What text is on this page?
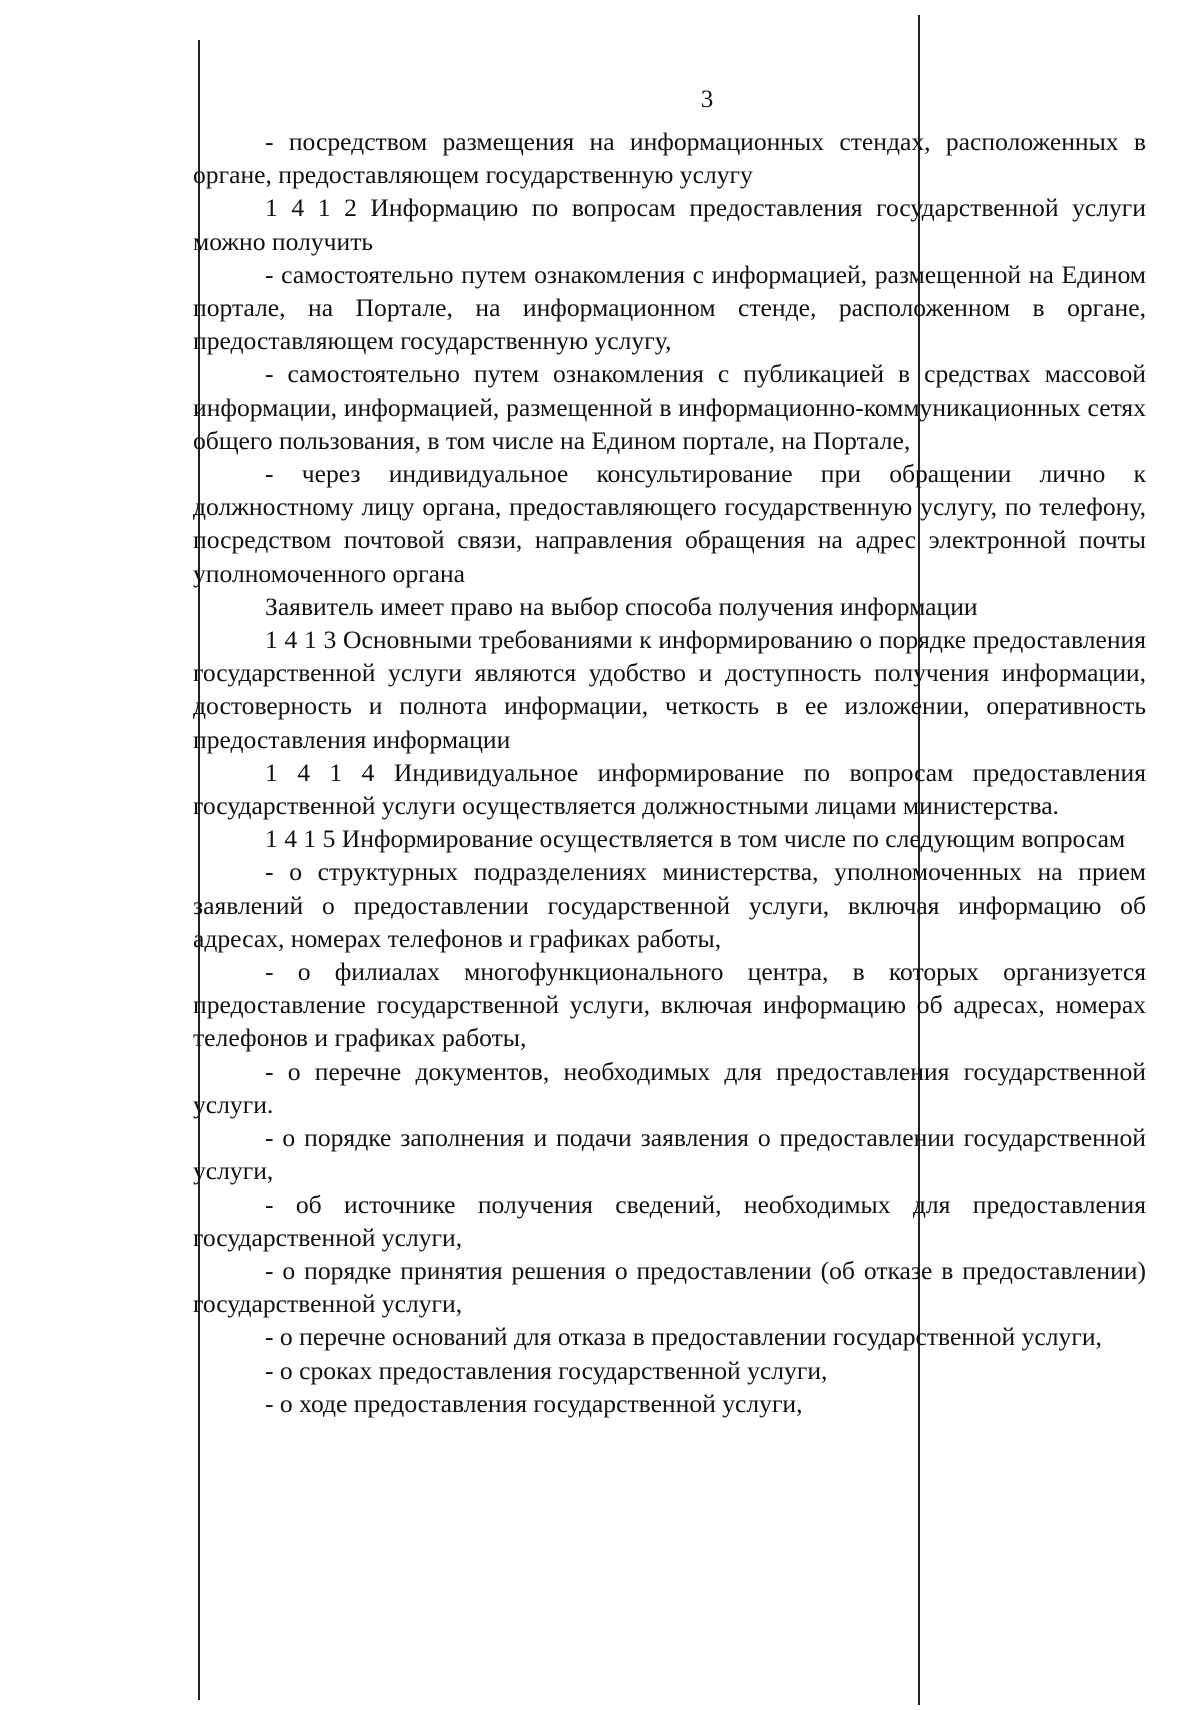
3

- посредством размещения на информационных стендах, расположенных в органе, предоставляющем государственную услугу

1 4 1 2 Информацию по вопросам предоставления государственной услуги можно получить

- самостоятельно путем ознакомления с информацией, размещенной на Едином портале, на Портале, на информационном стенде, расположенном в органе, предоставляющем государственную услугу,

- самостоятельно путем ознакомления с публикацией в средствах массовой информации, информацией, размещенной в информационно-коммуникационных сетях общего пользования, в том числе на Едином портале, на Портале,

- через индивидуальное консультирование при обращении лично к должностному лицу органа, предоставляющего государственную услугу, по телефону, посредством почтовой связи, направления обращения на адрес электронной почты уполномоченного органа

Заявитель имеет право на выбор способа получения информации

1 4 1 3 Основными требованиями к информированию о порядке предоставления государственной услуги являются удобство и доступность получения информации, достоверность и полнота информации, четкость в ее изложении, оперативность предоставления информации

1 4 1 4 Индивидуальное информирование по вопросам предоставления государственной услуги осуществляется должностными лицами министерства.

1 4 1 5 Информирование осуществляется в том числе по следующим вопросам

- о структурных подразделениях министерства, уполномоченных на прием заявлений о предоставлении государственной услуги, включая информацию об адресах, номерах телефонов и графиках работы,

- о филиалах многофункционального центра, в которых организуется предоставление государственной услуги, включая информацию об адресах, номерах телефонов и графиках работы,

- о перечне документов, необходимых для предоставления государственной услуги.

- о порядке заполнения и подачи заявления о предоставлении государственной услуги,

- об источнике получения сведений, необходимых для предоставления государственной услуги,

- о порядке принятия решения о предоставлении (об отказе в предоставлении) государственной услуги,

- о перечне оснований для отказа в предоставлении государственной услуги,

- о сроках предоставления государственной услуги,

- о ходе предоставления государственной услуги,
